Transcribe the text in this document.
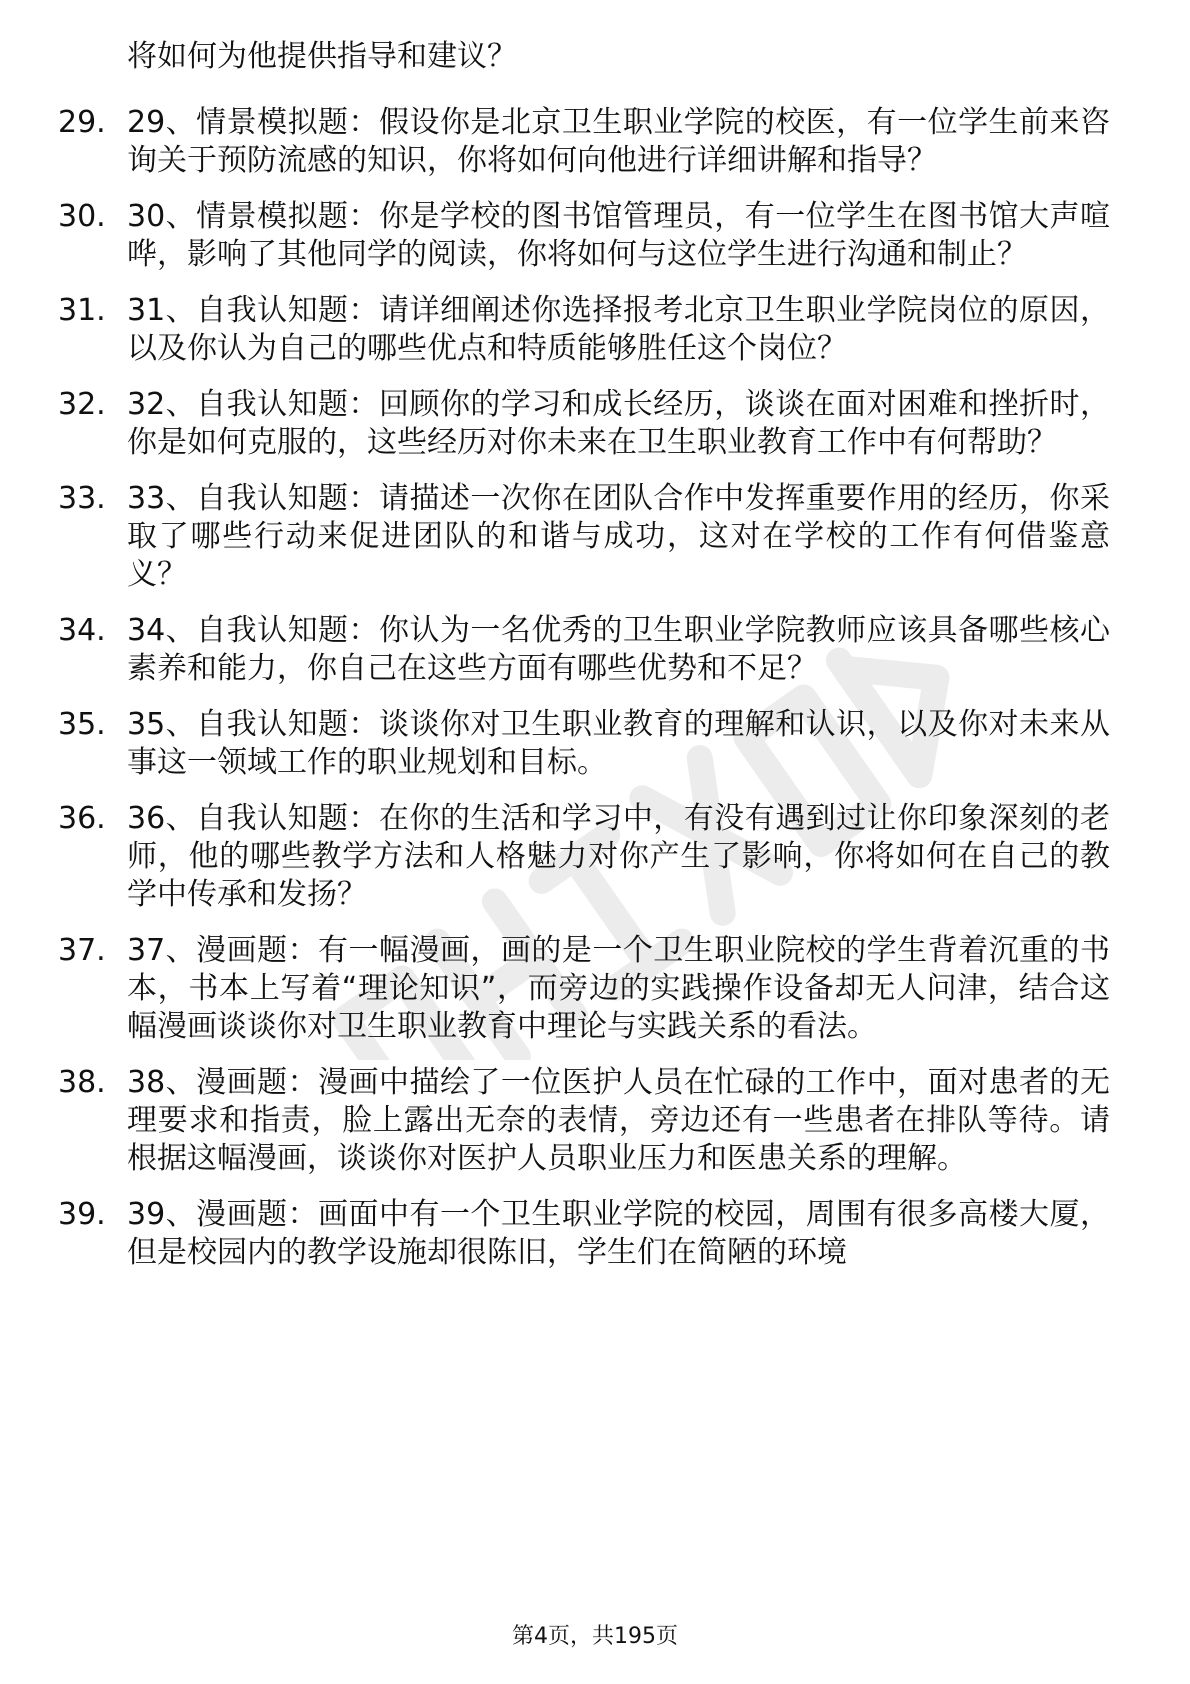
将如何为他提供指导和建议？
29. 29、情景模拟题：假设你是北京卫生职业学院的校医，有一位学生前来咨询关于预防流感的知识，你将如何向他进行详细讲解和指导？
30. 30、情景模拟题：你是学校的图书馆管理员，有一位学生在图书馆大声喧哗，影响了其他同学的阅读，你将如何与这位学生进行沟通和制止？
31. 31、自我认知题：请详细阐述你选择报考北京卫生职业学院岗位的原因，以及你认为自己的哪些优点和特质能够胜任这个岗位？
32. 32、自我认知题：回顾你的学习和成长经历，谈谈在面对困难和挫折时，你是如何克服的，这些经历对你未来在卫生职业教育工作中有何帮助？
33. 33、自我认知题：请描述一次你在团队合作中发挥重要作用的经历，你采取了哪些行动来促进团队的和谐与成功，这对在学校的工作有何借鉴意义？
34. 34、自我认知题：你认为一名优秀的卫生职业学院教师应该具备哪些核心素养和能力，你自己在这些方面有哪些优势和不足？
35. 35、自我认知题：谈谈你对卫生职业教育的理解和认识，以及你对未来从事这一领域工作的职业规划和目标。
36. 36、自我认知题：在你的生活和学习中，有没有遇到过让你印象深刻的老师，他的哪些教学方法和人格魅力对你产生了影响，你将如何在自己的教学中传承和发扬？
37. 37、漫画题：有一幅漫画，画的是一个卫生职业院校的学生背着沉重的书本，书本上写着“理论知识”，而旁边的实践操作设备却无人问津，结合这幅漫画谈谈你对卫生职业教育中理论与实践关系的看法。
38. 38、漫画题：漫画中描绘了一位医护人员在忙碌的工作中，面对患者的无理要求和指责，脸上露出无奈的表情，旁边还有一些患者在排队等待。请根据这幅漫画，谈谈你对医护人员职业压力和医患关系的理解。
39. 39、漫画题：画面中有一个卫生职业学院的校园，周围有很多高楼大厦，但是校园内的教学设施却很陈旧，学生们在简陋的环境
第4页，共195页
